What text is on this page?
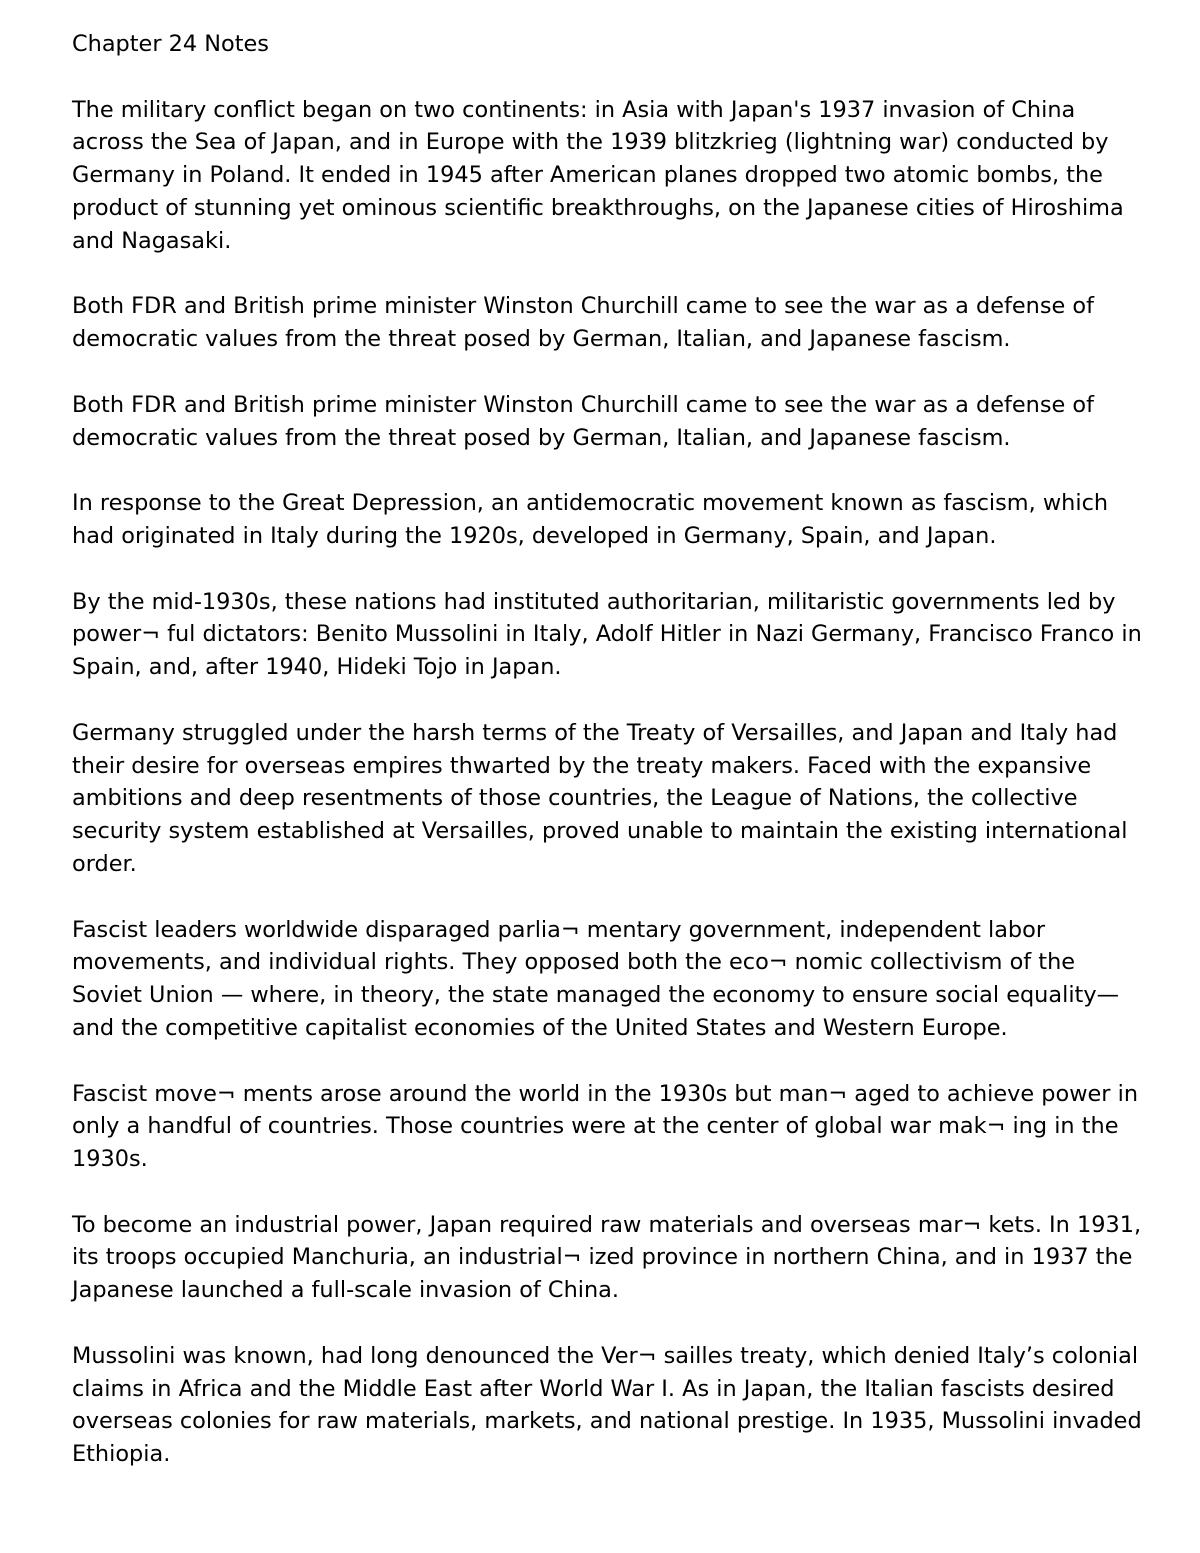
Chapter 24 Notes

The military conflict began on two continents: in Asia with Japan's 1937 invasion of China across the Sea of Japan, and in Europe with the 1939 blitzkrieg (lightning war) conducted by Germany in Poland. It ended in 1945 after American planes dropped two atomic bombs, the product of stunning yet ominous scientific breakthroughs, on the Japanese cities of Hiroshima and Nagasaki.

Both FDR and British prime minister Winston Churchill came to see the war as a defense of democratic values from the threat posed by German, Italian, and Japanese fascism.

Both FDR and British prime minister Winston Churchill came to see the war as a defense of democratic values from the threat posed by German, Italian, and Japanese fascism.

In response to the Great Depression, an antidemocratic movement known as fascism, which had originated in Italy during the 1920s, developed in Germany, Spain, and Japan.

By the mid-1930s, these nations had instituted authoritarian, militaristic governments led by power¬ ful dictators: Benito Mussolini in Italy, Adolf Hitler in Nazi Germany, Francisco Franco in Spain, and, after 1940, Hideki Tojo in Japan.

Germany struggled under the harsh terms of the Treaty of Versailles, and Japan and Italy had their desire for overseas empires thwarted by the treaty makers. Faced with the expansive ambitions and deep resentments of those countries, the League of Nations, the collective security system established at Versailles, proved unable to maintain the existing international order.

Fascist leaders worldwide disparaged parlia¬ mentary government, independent labor movements, and individual rights. They opposed both the eco¬ nomic collectivism of the Soviet Union — where, in theory, the state managed the economy to ensure social equality— and the competitive capitalist economies of the United States and Western Europe.

Fascist move¬ ments arose around the world in the 1930s but man¬ aged to achieve power in only a handful of countries. Those countries were at the center of global war mak¬ ing in the 1930s.

To become an industrial power, Japan required raw materials and overseas mar¬ kets. In 1931, its troops occupied Manchuria, an industrial¬ ized province in northern China, and in 1937 the Japanese launched a full-scale invasion of China.

Mussolini was known, had long denounced the Ver¬ sailles treaty, which denied Italy’s colonial claims in Africa and the Middle East after World War I. As in Japan, the Italian fascists desired overseas colonies for raw materials, markets, and national prestige. In 1935, Mussolini invaded Ethiopia.
